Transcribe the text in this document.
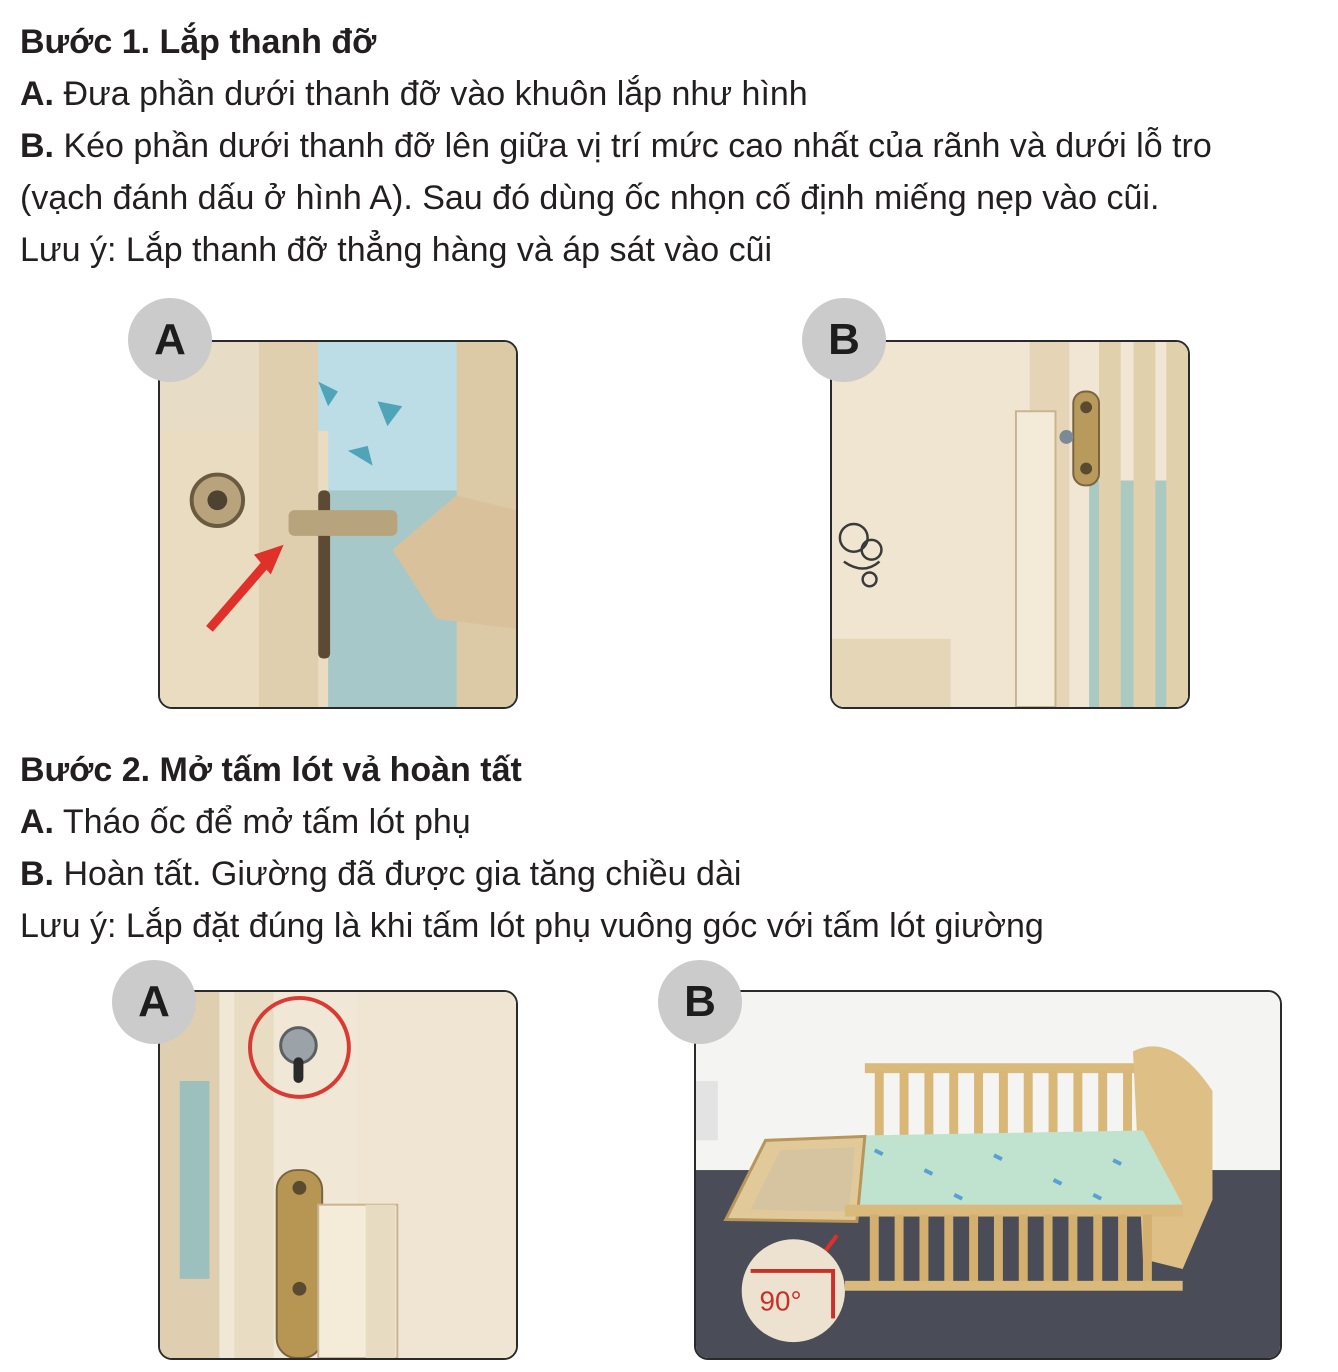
Bước 1. Lắp thanh đỡ
A. Đưa phần dưới thanh đỡ vào khuôn lắp như hình
B. Kéo phần dưới thanh đỡ lên giữa vị trí mức cao nhất của rãnh và dưới lỗ tro
(vạch đánh dấu ở hình A). Sau đó dùng ốc nhọn cố định miếng nẹp vào cũi.
Lưu ý: Lắp thanh đỡ thẳng hàng và áp sát vào cũi
A	B
Bước 2. Mở tấm lót vả hoàn tất
A. Tháo ốc để mở tấm lót phụ
B. Hoàn tất. Giường đã được gia tăng chiều dài
Lưu ý: Lắp đặt đúng là khi tấm lót phụ vuông góc với tấm lót giường
A
90°
B
